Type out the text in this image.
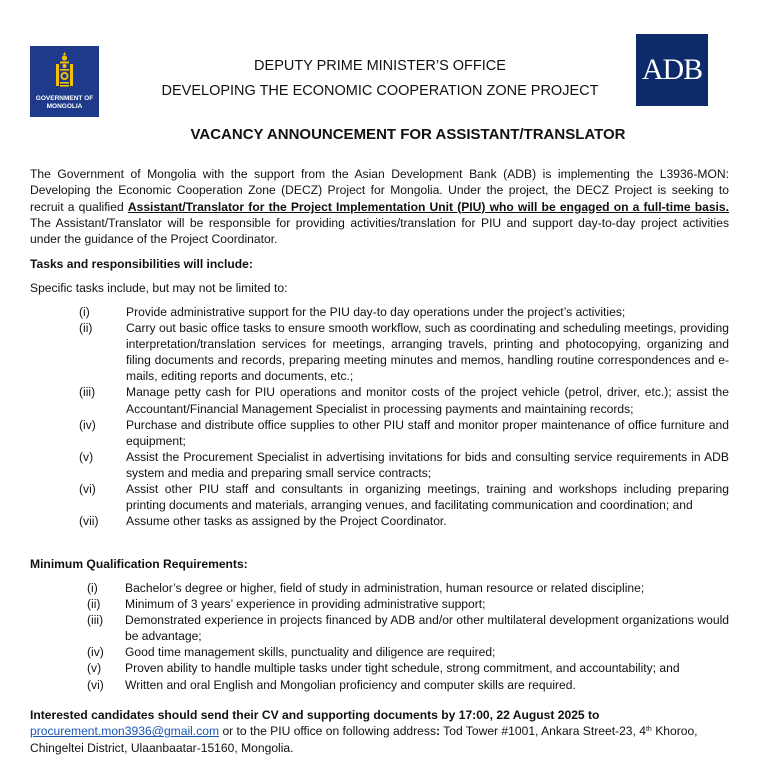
GOVERNMENT OF
MONGOLIA
ADB
DEPUTY PRIME MINISTER’S OFFICE
DEVELOPING THE ECONOMIC COOPERATION ZONE PROJECT
VACANCY ANNOUNCEMENT FOR ASSISTANT/TRANSLATOR
The Government of Mongolia with the support from the Asian Development Bank (ADB) is implementing the L3936-MON: Developing the Economic Cooperation Zone (DECZ) Project for Mongolia. Under the project, the DECZ Project is seeking to recruit a qualified Assistant/Translator for the Project Implementation Unit (PIU) who will be engaged on a full-time basis. The Assistant/Translator will be responsible for providing activities/translation for PIU and support day-to-day project activities under the guidance of the Project Coordinator.
Tasks and responsibilities will include:
Specific tasks include, but may not be limited to:
(i)	Provide administrative support for the PIU day-to day operations under the project’s activities;
(ii)	Carry out basic office tasks to ensure smooth workflow, such as coordinating and scheduling meetings, providing interpretation/translation services for meetings, arranging travels, printing and photocopying, organizing and filing documents and records, preparing meeting minutes and memos, handling routine correspondences and e-mails, editing reports and documents, etc.;
(iii)	Manage petty cash for PIU operations and monitor costs of the project vehicle (petrol, driver, etc.); assist the Accountant/Financial Management Specialist in processing payments and maintaining records;
(iv)	Purchase and distribute office supplies to other PIU staff and monitor proper maintenance of office furniture and equipment;
(v)	Assist the Procurement Specialist in advertising invitations for bids and consulting service requirements in ADB system and media and preparing small service contracts;
(vi)	Assist other PIU staff and consultants in organizing meetings, training and workshops including preparing printing documents and materials, arranging venues, and facilitating communication and coordination; and
(vii)	Assume other tasks as assigned by the Project Coordinator.
Minimum Qualification Requirements:
(i)	Bachelor’s degree or higher, field of study in administration, human resource or related discipline;
(ii)	Minimum of 3 years’ experience in providing administrative support;
(iii)	Demonstrated experience in projects financed by ADB and/or other multilateral development organizations would be advantage;
(iv)	Good time management skills, punctuality and diligence are required;
(v)	Proven ability to handle multiple tasks under tight schedule, strong commitment, and accountability; and
(vi)	Written and oral English and Mongolian proficiency and computer skills are required.
Interested candidates should send their CV and supporting documents by 17:00, 22 August 2025 to
procurement.mon3936@gmail.com or to the PIU office on following address: Tod Tower #1001, Ankara Street-23, 4th Khoroo, Chingeltei District, Ulaanbaatar-15160, Mongolia.
